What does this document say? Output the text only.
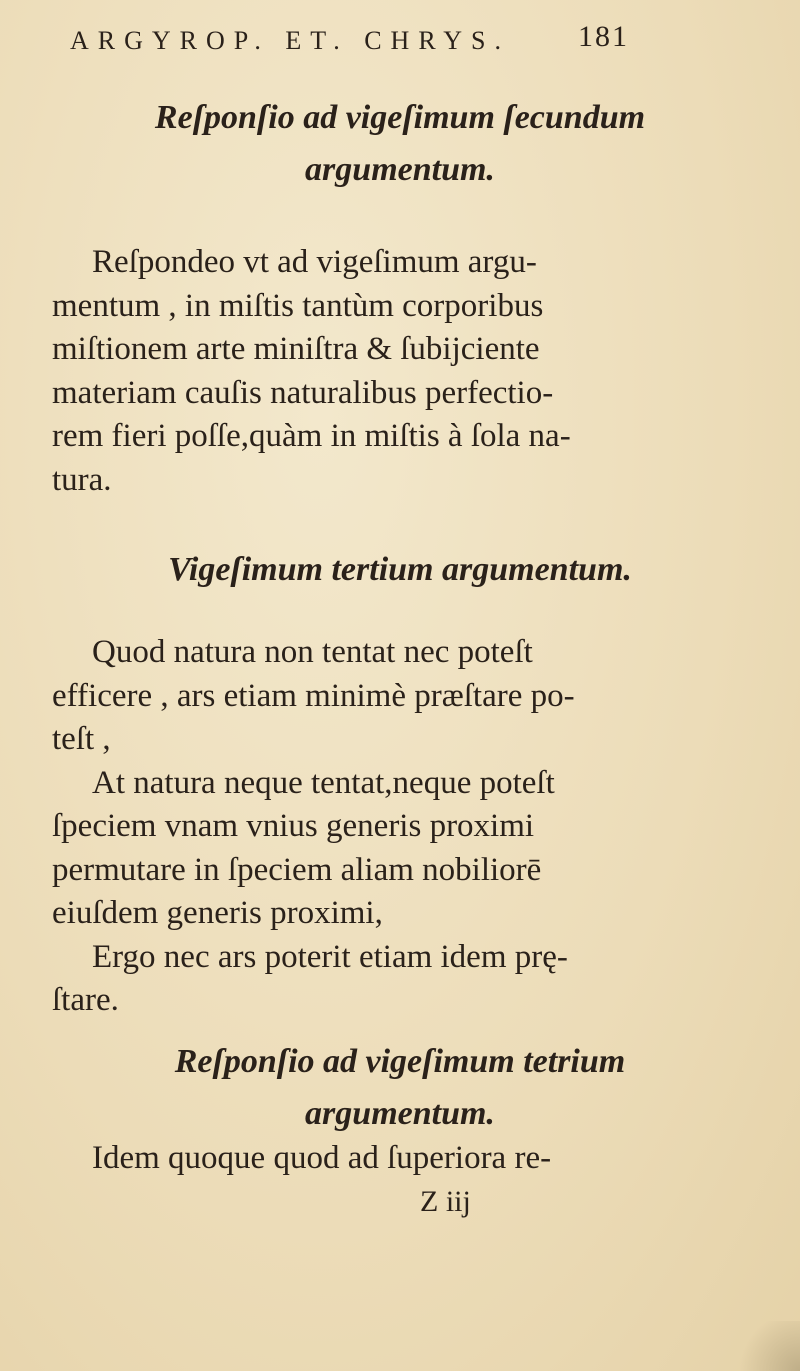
ARGYROP. ET. CHRYS. 181
Reſponſio ad vigeſimum ſecundum
argumentum.
Reſpondeo vt ad vigeſimum argu-
mentum , in miſtis tantùm corporibus
miſtionem arte miniſtra & ſubijciente
materiam cauſis naturalibus perfectio-
rem fieri poſſe,quàm in miſtis à ſola na-
tura.
Vigeſimum tertium argumentum.
Quod natura non tentat nec poteſt
efficere , ars etiam minimè præſtare po-
teſt ,
At natura neque tentat,neque poteſt
ſpeciem vnam vnius generis proximi
permutare in ſpeciem aliam nobiliorē
eiuſdem generis proximi,
Ergo nec ars poterit etiam idem prę-
ſtare.
Reſponſio ad vigeſimum tetrium
argumentum.
Idem quoque quod ad ſuperiora re-
Z iij
